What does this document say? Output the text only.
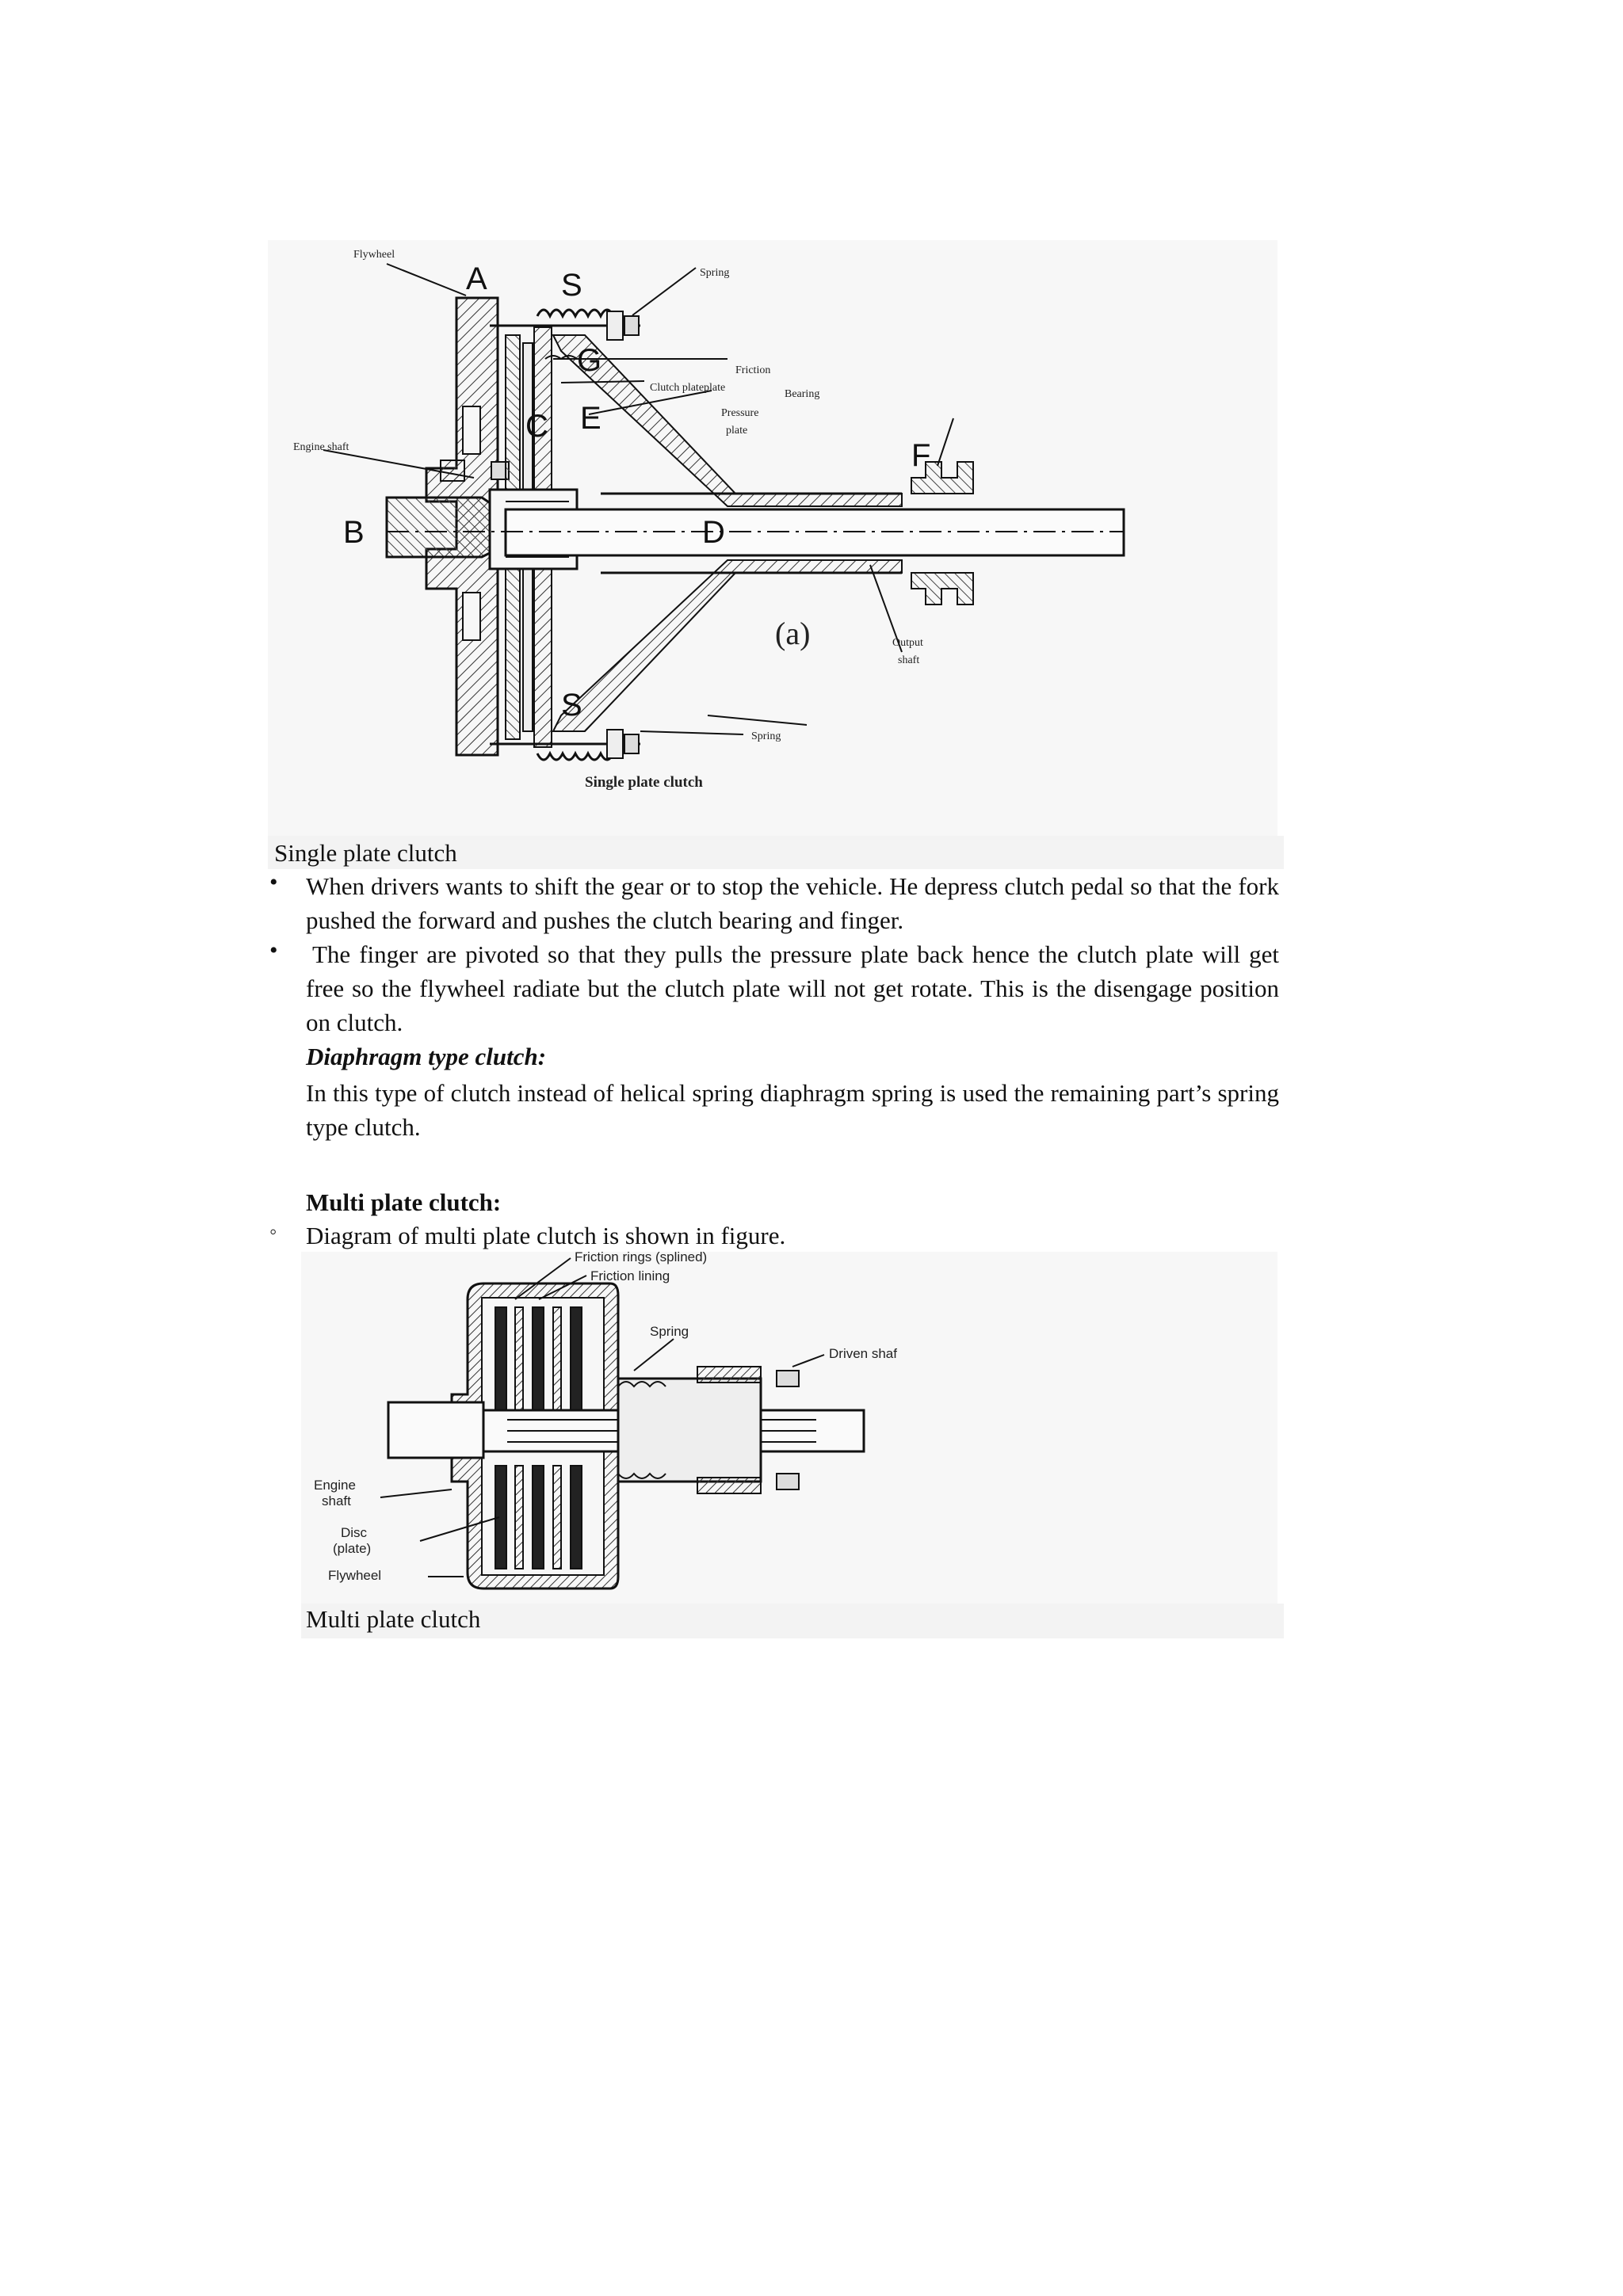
Flywheel
A S	Spring
G	Friction
Clutch plateplate
Bearing
C E	Pressure
plate
Engine shaft	F
B	D
(a)	Output
shaft
S
Spring
Single plate clutch
Single plate clutch
• When drivers wants to shift the gear or to stop the vehicle. He depress clutch pedal so that the fork pushed the forward and pushes the clutch bearing and finger.
• The finger are pivoted so that they pulls the pressure plate back hence the clutch plate will get free so the flywheel radiate but the clutch plate will not get rotate. This is the disengage position on clutch.
Diaphragm type clutch:
In this type of clutch instead of helical spring diaphragm spring is used the remaining part’s spring type clutch.
Multi plate clutch:
◦ Diagram of multi plate clutch is shown in figure.
Friction rings (splined)
Friction lining
Spring
Driven shaf
Engine
shaft
Disc
(plate)
Flywheel
Multi plate clutch
